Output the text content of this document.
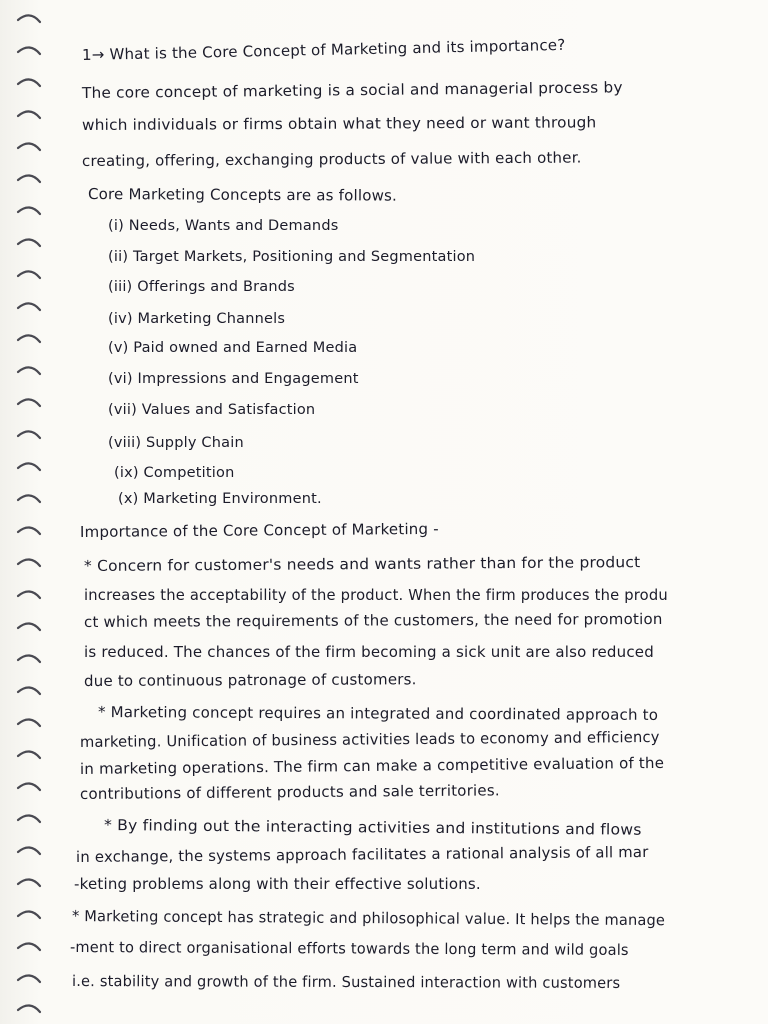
1→ What is the Core Concept of Marketing and its importance?
The core concept of marketing is a social and managerial process by
which individuals or firms obtain what they need or want through
creating, offering, exchanging products of value with each other.
Core Marketing Concepts are as follows.
(i) Needs, Wants and Demands
(ii) Target Markets, Positioning and Segmentation
(iii) Offerings and Brands
(iv) Marketing Channels
(v) Paid owned and Earned Media
(vi) Impressions and Engagement
(vii) Values and Satisfaction
(viii) Supply Chain
(ix) Competition
(x) Marketing Environment.
Importance of the Core Concept of Marketing -
* Concern for customer's needs and wants rather than for the product
increases the acceptability of the product. When the firm produces the produ
ct which meets the requirements of the customers, the need for promotion
is reduced. The chances of the firm becoming a sick unit are also reduced
due to continuous patronage of customers.
* Marketing concept requires an integrated and coordinated approach to
marketing. Unification of business activities leads to economy and efficiency
in marketing operations. The firm can make a competitive evaluation of the
contributions of different products and sale territories.
* By finding out the interacting activities and institutions and flows
in exchange, the systems approach facilitates a rational analysis of all mar
-keting problems along with their effective solutions.
* Marketing concept has strategic and philosophical value. It helps the manage
-ment to direct organisational efforts towards the long term and wild goals
i.e. stability and growth of the firm. Sustained interaction with customers
